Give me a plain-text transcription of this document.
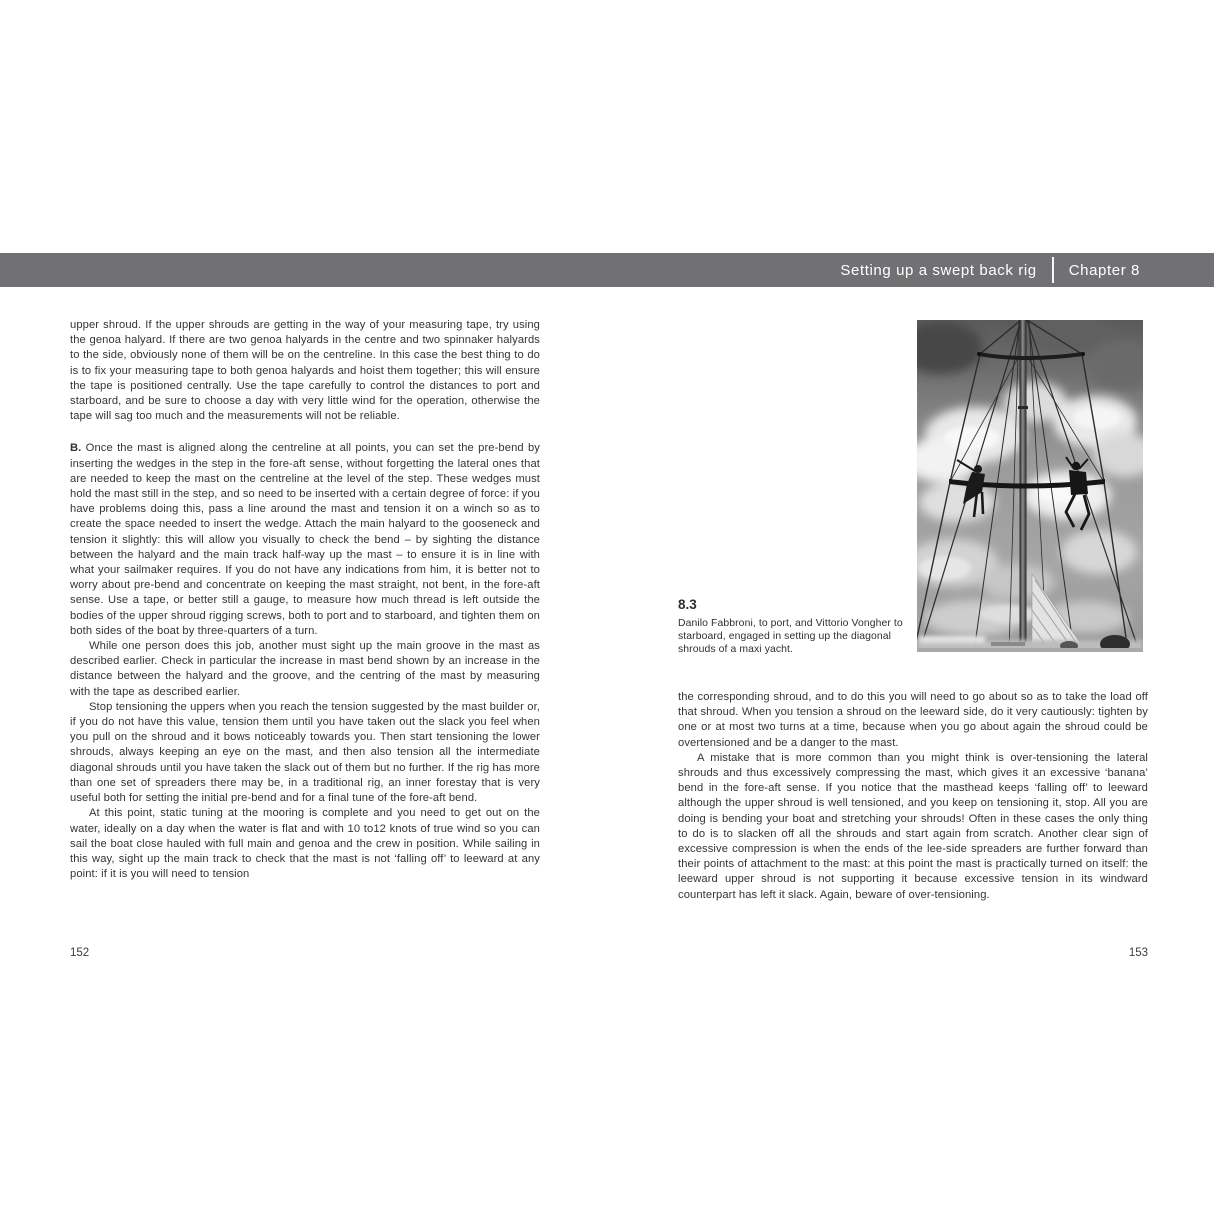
Setting up a swept back rig Chapter 8

upper shroud. If the upper shrouds are getting in the way of your measuring tape, try using the genoa halyard. If there are two genoa halyards in the centre and two spinnaker halyards to the side, obviously none of them will be on the centreline. In this case the best thing to do is to fix your measuring tape to both genoa halyards and hoist them together; this will ensure the tape is positioned centrally. Use the tape carefully to control the distances to port and starboard, and be sure to choose a day with very little wind for the operation, otherwise the tape will sag too much and the measurements will not be reliable.

B. Once the mast is aligned along the centreline at all points, you can set the pre-bend by inserting the wedges in the step in the fore-aft sense, without forgetting the lateral ones that are needed to keep the mast on the centreline at the level of the step. These wedges must hold the mast still in the step, and so need to be inserted with a certain degree of force: if you have problems doing this, pass a line around the mast and tension it on a winch so as to create the space needed to insert the wedge. Attach the main halyard to the gooseneck and tension it slightly: this will allow you visually to check the bend – by sighting the distance between the halyard and the main track half-way up the mast – to ensure it is in line with what your sailmaker requires. If you do not have any indications from him, it is better not to worry about pre-bend and concentrate on keeping the mast straight, not bent, in the fore-aft sense. Use a tape, or better still a gauge, to measure how much thread is left outside the bodies of the upper shroud rigging screws, both to port and to starboard, and tighten them on both sides of the boat by three-quarters of a turn.

While one person does this job, another must sight up the main groove in the mast as described earlier. Check in particular the increase in mast bend shown by an increase in the distance between the halyard and the groove, and the centring of the mast by measuring with the tape as described earlier.

Stop tensioning the uppers when you reach the tension suggested by the mast builder or, if you do not have this value, tension them until you have taken out the slack you feel when you pull on the shroud and it bows noticeably towards you. Then start tensioning the lower shrouds, always keeping an eye on the mast, and then also tension all the intermediate diagonal shrouds until you have taken the slack out of them but no further. If the rig has more than one set of spreaders there may be, in a traditional rig, an inner forestay that is very useful both for setting the initial pre-bend and for a final tune of the fore-aft bend.

At this point, static tuning at the mooring is complete and you need to get out on the water, ideally on a day when the water is flat and with 10 to12 knots of true wind so you can sail the boat close hauled with full main and genoa and the crew in position. While sailing in this way, sight up the main track to check that the mast is not ‘falling off’ to leeward at any point: if it is you will need to tension

8.3
Danilo Fabbroni, to port, and Vittorio Vongher to starboard, engaged in setting up the diagonal shrouds of a maxi yacht.

the corresponding shroud, and to do this you will need to go about so as to take the load off that shroud. When you tension a shroud on the leeward side, do it very cautiously: tighten by one or at most two turns at a time, because when you go about again the shroud could be overtensioned and be a danger to the mast.

A mistake that is more common than you might think is over-tensioning the lateral shrouds and thus excessively compressing the mast, which gives it an excessive ‘banana’ bend in the fore-aft sense. If you notice that the masthead keeps ‘falling off’ to leeward although the upper shroud is well tensioned, and you keep on tensioning it, stop. All you are doing is bending your boat and stretching your shrouds! Often in these cases the only thing to do is to slacken off all the shrouds and start again from scratch. Another clear sign of excessive compression is when the ends of the lee-side spreaders are further forward than their points of attachment to the mast: at this point the mast is practically turned on itself: the leeward upper shroud is not supporting it because excessive tension in its windward counterpart has left it slack. Again, beware of over-tensioning.

152	153
